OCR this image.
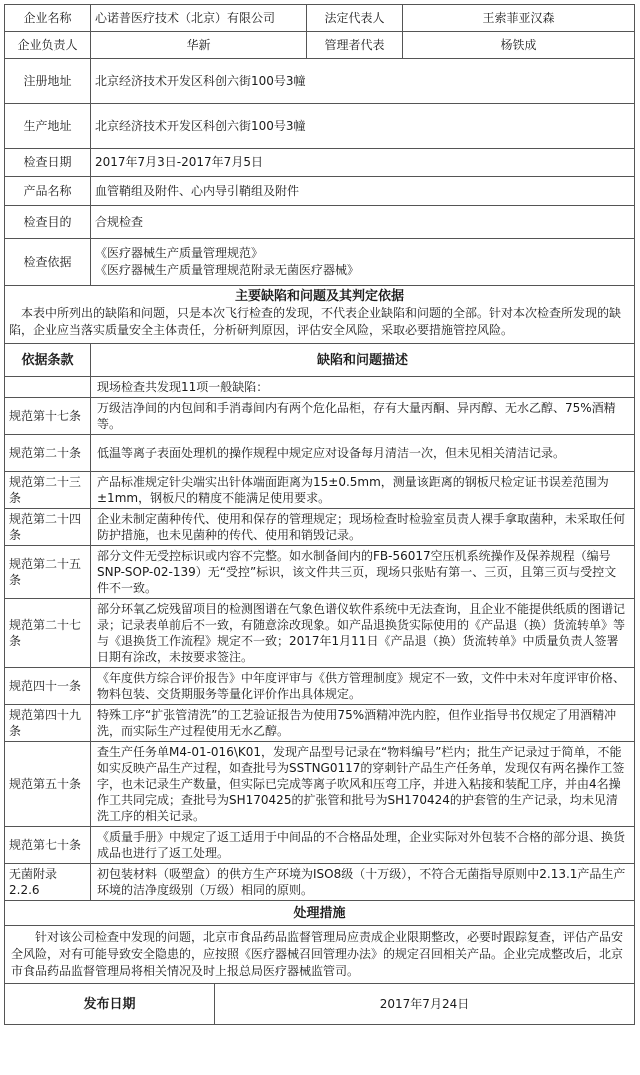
企业名称	心诺普医疗技术（北京）有限公司	法定代表人	王索菲亚汉森
企业负责人	华新	管理者代表	杨铁成
注册地址	北京经济技术开发区科创六街100号3幢		
生产地址	北京经济技术开发区科创六街100号3幢		
检查日期	2017年7月3日-2017年7月5日		
产品名称	血管鞘组及附件、心内导引鞘组及附件		
检查目的	合规检查		
检查依据	《医疗器械生产质量管理规范》
《医疗器械生产质量管理规范附录无菌医疗器械》		

主要缺陷和问题及其判定依据
本表中所列出的缺陷和问题，只是本次飞行检查的发现，不代表企业缺陷和问题的全部。针对本次检查所发现的缺陷，企业应当落实质量安全主体责任，分析研判原因，评估安全风险，采取必要措施管控风险。			
依据条款	缺陷和问题描述
	现场检查共发现11项一般缺陷：
规范第十七条	万级洁净间的内包间和手消毒间内有两个危化品柜，存有大量丙酮、异丙醇、无水乙醇、75%酒精等。
规范第二十条	低温等离子表面处理机的操作规程中规定应对设备每月清洁一次，但未见相关清洁记录。
规范第二十三条	产品标准规定针尖端实出针体端面距离为15±0.5mm，测量该距离的钢板尺检定证书误差范围为±1mm，钢板尺的精度不能满足使用要求。
规范第二十四条	企业未制定菌种传代、使用和保存的管理规定；现场检查时检验室员责人裸手拿取菌种，未采取任何防护措施，也未见菌种的传代、使用和销毁记录。
规范第二十五条	部分文件无受控标识或内容不完整。如水制备间内的FB-56017空压机系统操作及保养规程（编号SNP-SOP-02-139）无“受控”标识，该文件共三页，现场只张贴有第一、三页，且第三页与受控文件不一致。
规范第二十七条	部分环氧乙烷残留项目的检测图谱在气象色谱仪软件系统中无法查询，且企业不能提供纸质的图谱记录；记录表单前后不一致，有随意涂改现象。如产品退换货实际使用的《产品退（换）货流转单》等与《退换货工作流程》规定不一致；2017年1月11日《产品退（换）货流转单》中质量负责人签署日期有涂改，未按要求签注。
规范四十一条	《年度供方综合评价报告》中年度评审与《供方管理制度》规定不一致，文件中未对年度评审价格、物料包装、交货期服务等量化评价作出具体规定。
规范第四十九条	特殊工序“扩张管清洗”的工艺验证报告为使用75%酒精冲洗内腔，但作业指导书仅规定了用酒精冲洗，而实际生产过程使用无水乙醇。
规范第五十条	查生产任务单M4-01-016\K01，发现产品型号记录在“物料编号”栏内；批生产记录过于简单，不能如实反映产品生产过程，如查批号为SSTNG0117的穿刺针产品生产任务单，发现仅有两名操作工签字，也未记录生产数量，但实际已完成等离子吹风和压弯工序，并进入粘接和装配工序，并由4名操作工共同完成；查批号为SH170425的扩张管和批号为SH170424的护套管的生产记录，均未见清洗工序的相关记录。
规范第七十条	《质量手册》中规定了返工适用于中间品的不合格品处理，企业实际对外包装不合格的部分退、换货成品也进行了返工处理。
无菌附录2.2.6	初包装材料（吸塑盒）的供方生产环境为ISO8级（十万级），不符合无菌指导原则中2.13.1产品生产环境的洁净度级别（万级）相同的原则。
处理措施	
针对该公司检查中发现的问题，北京市食品药品监督管理局应责成企业限期整改，必要时跟踪复查，评估产品安全风险，对有可能导致安全隐患的，应按照《医疗器械召回管理办法》的规定召回相关产品。企业完成整改后，北京市食品药品监督管理局将相关情况及时上报总局医疗器械监管司。	
发布日期	2017年7月24日
